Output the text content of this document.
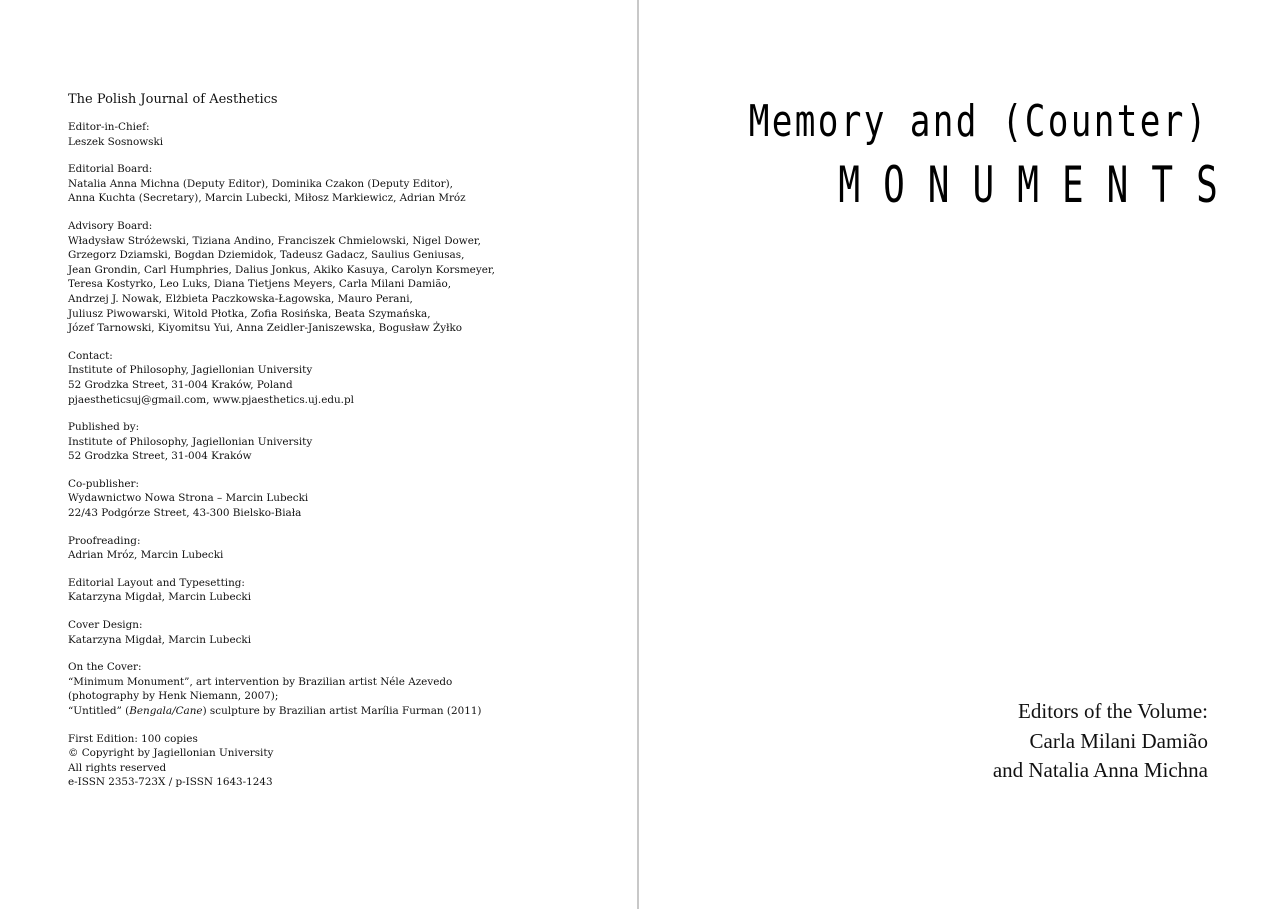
The Polish Journal of Aesthetics
Editor-in-Chief:
Leszek Sosnowski
Editorial Board:
Natalia Anna Michna (Deputy Editor), Dominika Czakon (Deputy Editor),
Anna Kuchta (Secretary), Marcin Lubecki, Miłosz Markiewicz, Adrian Mróz
Advisory Board:
Władysław Stróżewski, Tiziana Andino, Franciszek Chmielowski, Nigel Dower,
Grzegorz Dziamski, Bogdan Dziemidok, Tadeusz Gadacz, Saulius Geniusas,
Jean Grondin, Carl Humphries, Dalius Jonkus, Akiko Kasuya, Carolyn Korsmeyer,
Teresa Kostyrko, Leo Luks, Diana Tietjens Meyers, Carla Milani Damião,
Andrzej J. Nowak, Elżbieta Paczkowska-Łagowska, Mauro Perani,
Juliusz Piwowarski, Witold Płotka, Zofia Rosińska, Beata Szymańska,
Józef Tarnowski, Kiyomitsu Yui, Anna Zeidler-Janiszewska, Bogusław Żyłko
Contact:
Institute of Philosophy, Jagiellonian University
52 Grodzka Street, 31-004 Kraków, Poland
pjaestheticsuj@gmail.com, www.pjaesthetics.uj.edu.pl
Published by:
Institute of Philosophy, Jagiellonian University
52 Grodzka Street, 31-004 Kraków
Co-publisher:
Wydawnictwo Nowa Strona – Marcin Lubecki
22/43 Podgórze Street, 43-300 Bielsko-Biała
Proofreading:
Adrian Mróz, Marcin Lubecki
Editorial Layout and Typesetting:
Katarzyna Migdał, Marcin Lubecki
Cover Design:
Katarzyna Migdał, Marcin Lubecki
On the Cover:
“Minimum Monument”, art intervention by Brazilian artist Néle Azevedo
(photography by Henk Niemann, 2007);
“Untitled” (Bengala/Cane) sculpture by Brazilian artist Marília Furman (2011)
First Edition: 100 copies
© Copyright by Jagiellonian University
All rights reserved
e-ISSN 2353-723X / p-ISSN 1643-1243
Memory and (Counter)
MONUMENTS
Editors of the Volume:
Carla Milani Damião
and Natalia Anna Michna
